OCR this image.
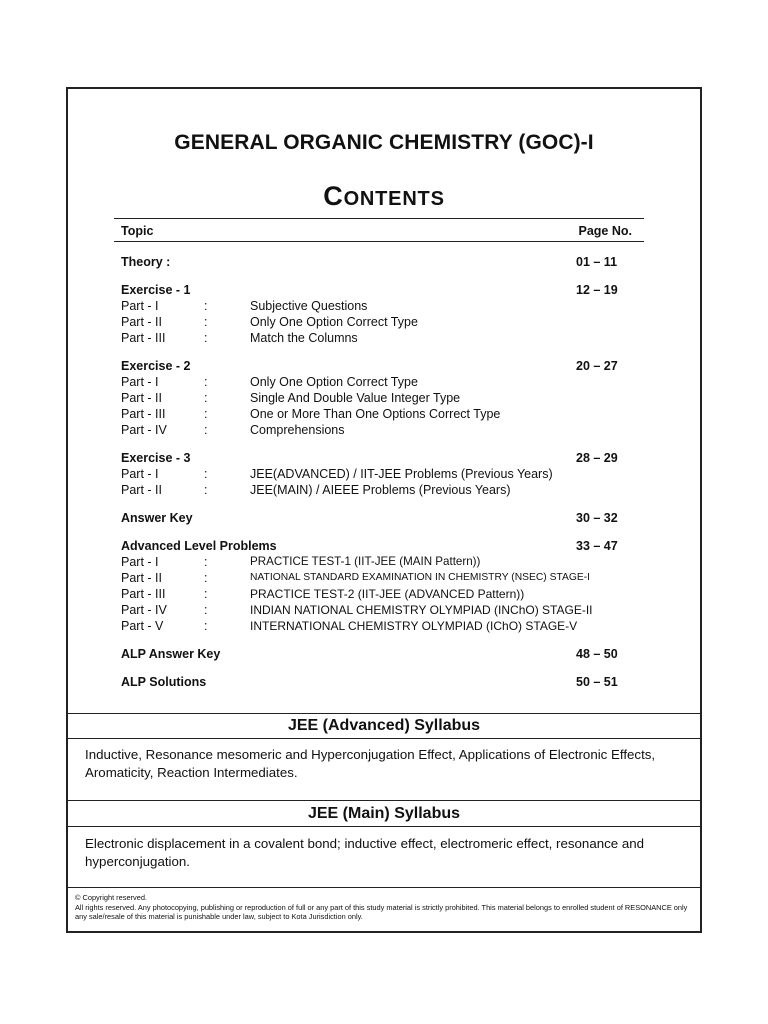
GENERAL ORGANIC CHEMISTRY (GOC)-I
CONTENTS
Topic	Page No.
Theory :	01 – 11
Exercise - 1	12 – 19
Part - I	:	Subjective Questions
Part - II	:	Only One Option Correct Type
Part - III	:	Match the Columns
Exercise - 2	20 – 27
Part - I	:	Only One Option Correct Type
Part - II	:	Single And Double Value Integer Type
Part - III	:	One or More Than One Options Correct Type
Part - IV	:	Comprehensions
Exercise - 3	28 – 29
Part - I	:	JEE(ADVANCED) / IIT-JEE Problems (Previous Years)
Part - II	:	JEE(MAIN) / AIEEE Problems (Previous Years)
Answer Key	30 – 32
Advanced Level Problems	33 – 47
Part - I	:	PRACTICE TEST-1 (IIT-JEE (MAIN Pattern))
Part - II	:	NATIONAL STANDARD EXAMINATION IN CHEMISTRY (NSEC) STAGE-I
Part - III	:	PRACTICE TEST-2 (IIT-JEE (ADVANCED Pattern))
Part - IV	:	INDIAN NATIONAL CHEMISTRY OLYMPIAD (INChO) STAGE-II
Part - V	:	INTERNATIONAL CHEMISTRY OLYMPIAD (IChO) STAGE-V
ALP Answer Key	48 – 50
ALP Solutions	50 – 51
JEE (Advanced) Syllabus
Inductive, Resonance mesomeric and Hyperconjugation Effect, Applications of Electronic Effects, Aromaticity, Reaction Intermediates.
JEE (Main) Syllabus
Electronic displacement in a covalent bond; inductive effect, electromeric effect, resonance and hyperconjugation.
© Copyright reserved.
All rights reserved. Any photocopying, publishing or reproduction of full or any part of this study material is strictly prohibited. This material belongs to enrolled student of RESONANCE only any sale/resale of this material is punishable under law, subject to Kota Jurisdiction only.
